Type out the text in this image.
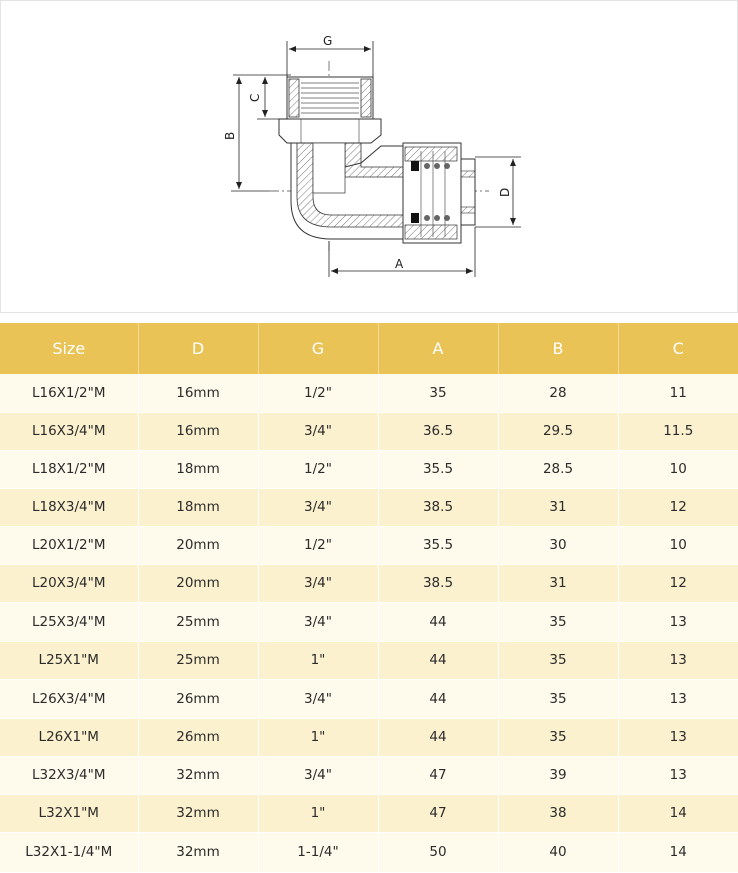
G
C
B
D
A
Size	D	G	A	B	C
L16X1/2"M	16mm	1/2"	35	28	11
L16X3/4"M	16mm	3/4"	36.5	29.5	11.5
L18X1/2"M	18mm	1/2"	35.5	28.5	10
L18X3/4"M	18mm	3/4"	38.5	31	12
L20X1/2"M	20mm	1/2"	35.5	30	10
L20X3/4"M	20mm	3/4"	38.5	31	12
L25X3/4"M	25mm	3/4"	44	35	13
L25X1"M	25mm	1"	44	35	13
L26X3/4"M	26mm	3/4"	44	35	13
L26X1"M	26mm	1"	44	35	13
L32X3/4"M	32mm	3/4"	47	39	13
L32X1"M	32mm	1"	47	38	14
L32X1-1/4"M	32mm	1-1/4"	50	40	14
